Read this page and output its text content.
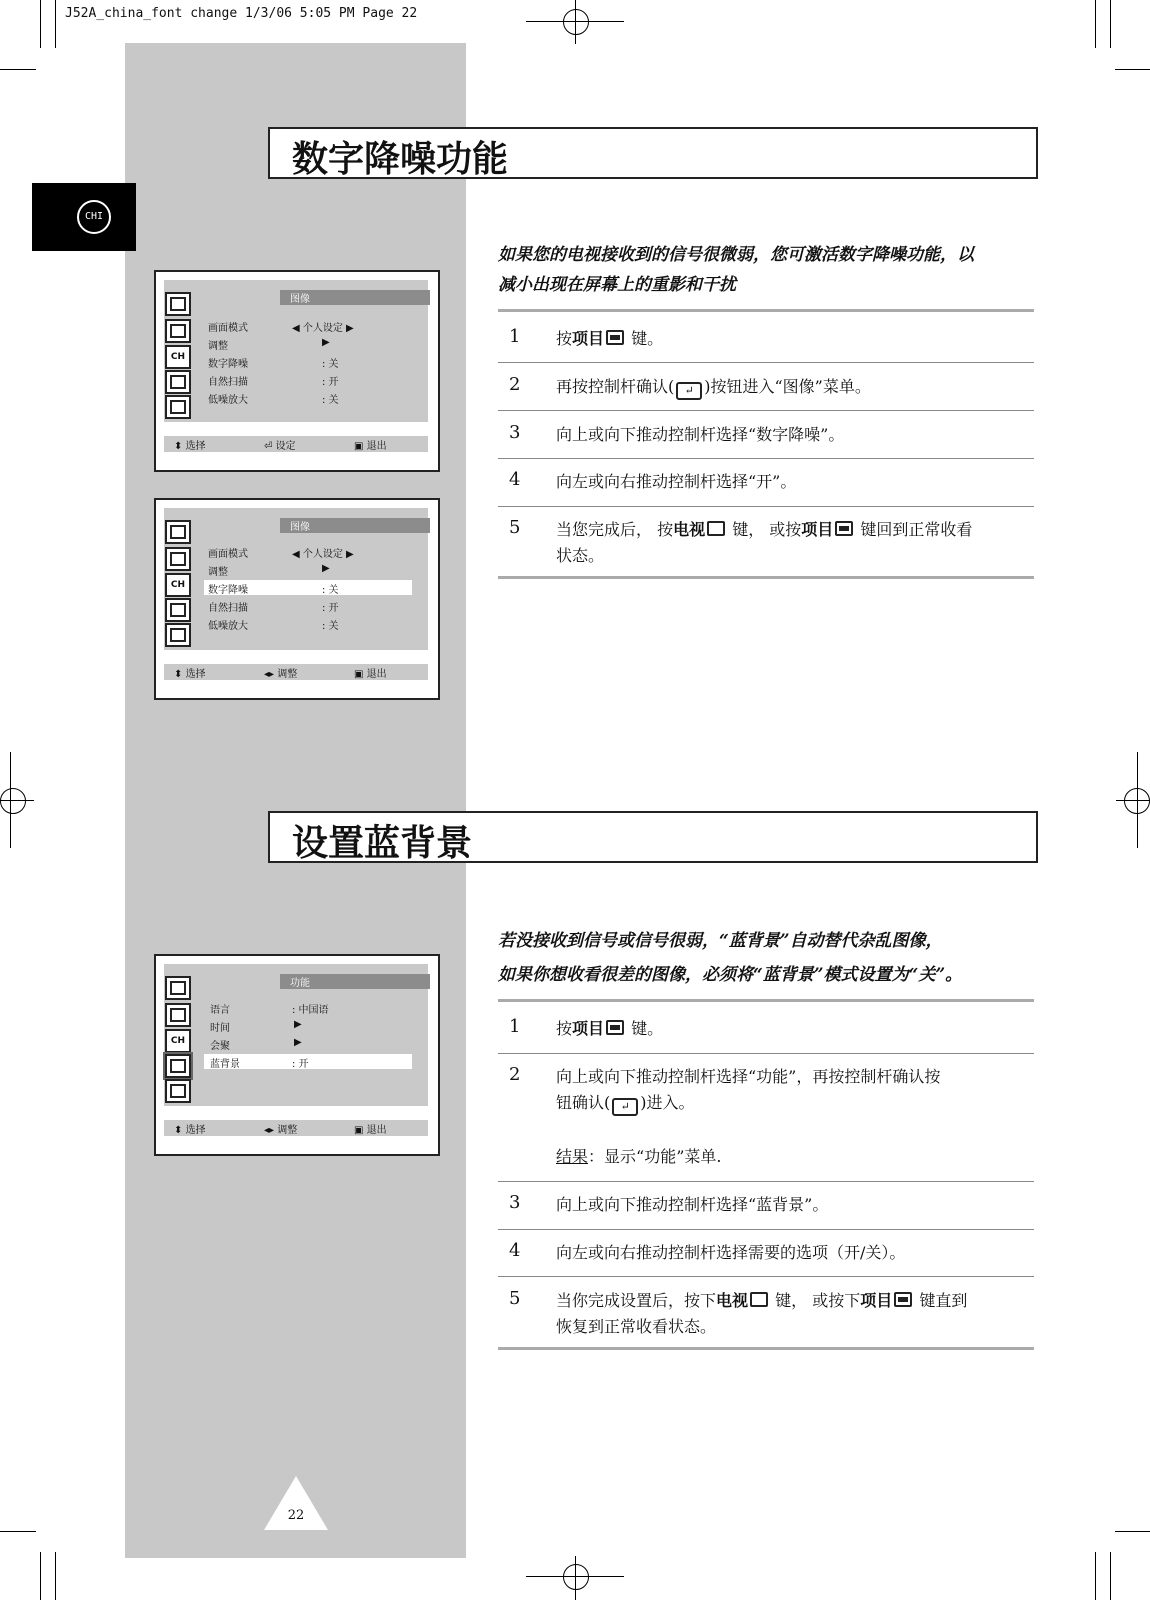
J52A_china_font change 1/3/06 5:05 PM Page 22
CHI
数字降噪功能
如果您的电视接收到的信号很微弱，您可激活数字降噪功能，以
减小出现在屏幕上的重影和干扰
1 按项目 键。
2 再按控制杆确认( ↵ )按钮进入“图像”菜单。
3 向上或向下推动控制杆选择“数字降噪”。
4 向左或向右推动控制杆选择“开”。
5 当您完成后， 按电视 键， 或按项目 键回到正常收看
状态。
图像
CH
画面模式	◀ 个人设定 ▶
调整	▶
数字降噪	: 关
自然扫描	: 开
低噪放大	: 关
⬍ 选择	⏎ 设定	▣ 退出
图像
CH
画面模式	◀ 个人设定 ▶
调整	▶
数字降噪	: 关
自然扫描	: 开
低噪放大	: 关
⬍ 选择	◂▸ 调整	▣ 退出
设置蓝背景
若没接收到信号或信号很弱，“蓝背景”自动替代杂乱图像，
如果你想收看很差的图像，必须将“蓝背景”模式设置为“关”。
1 按项目 键。
2 向上或向下推动控制杆选择“功能”，再按控制杆确认按
钮确认( ↵ )进入。
结果：显示“功能”菜单.
3 向上或向下推动控制杆选择“蓝背景”。
4 向左或向右推动控制杆选择需要的选项（开/关）。
5 当你完成设置后，按下电视 键， 或按下项目 键直到
恢复到正常收看状态。
功能
CH
语言	: 中国语
时间	▶
会聚	▶
蓝背景	: 开
⬍ 选择	◂▸ 调整	▣ 退出
22
